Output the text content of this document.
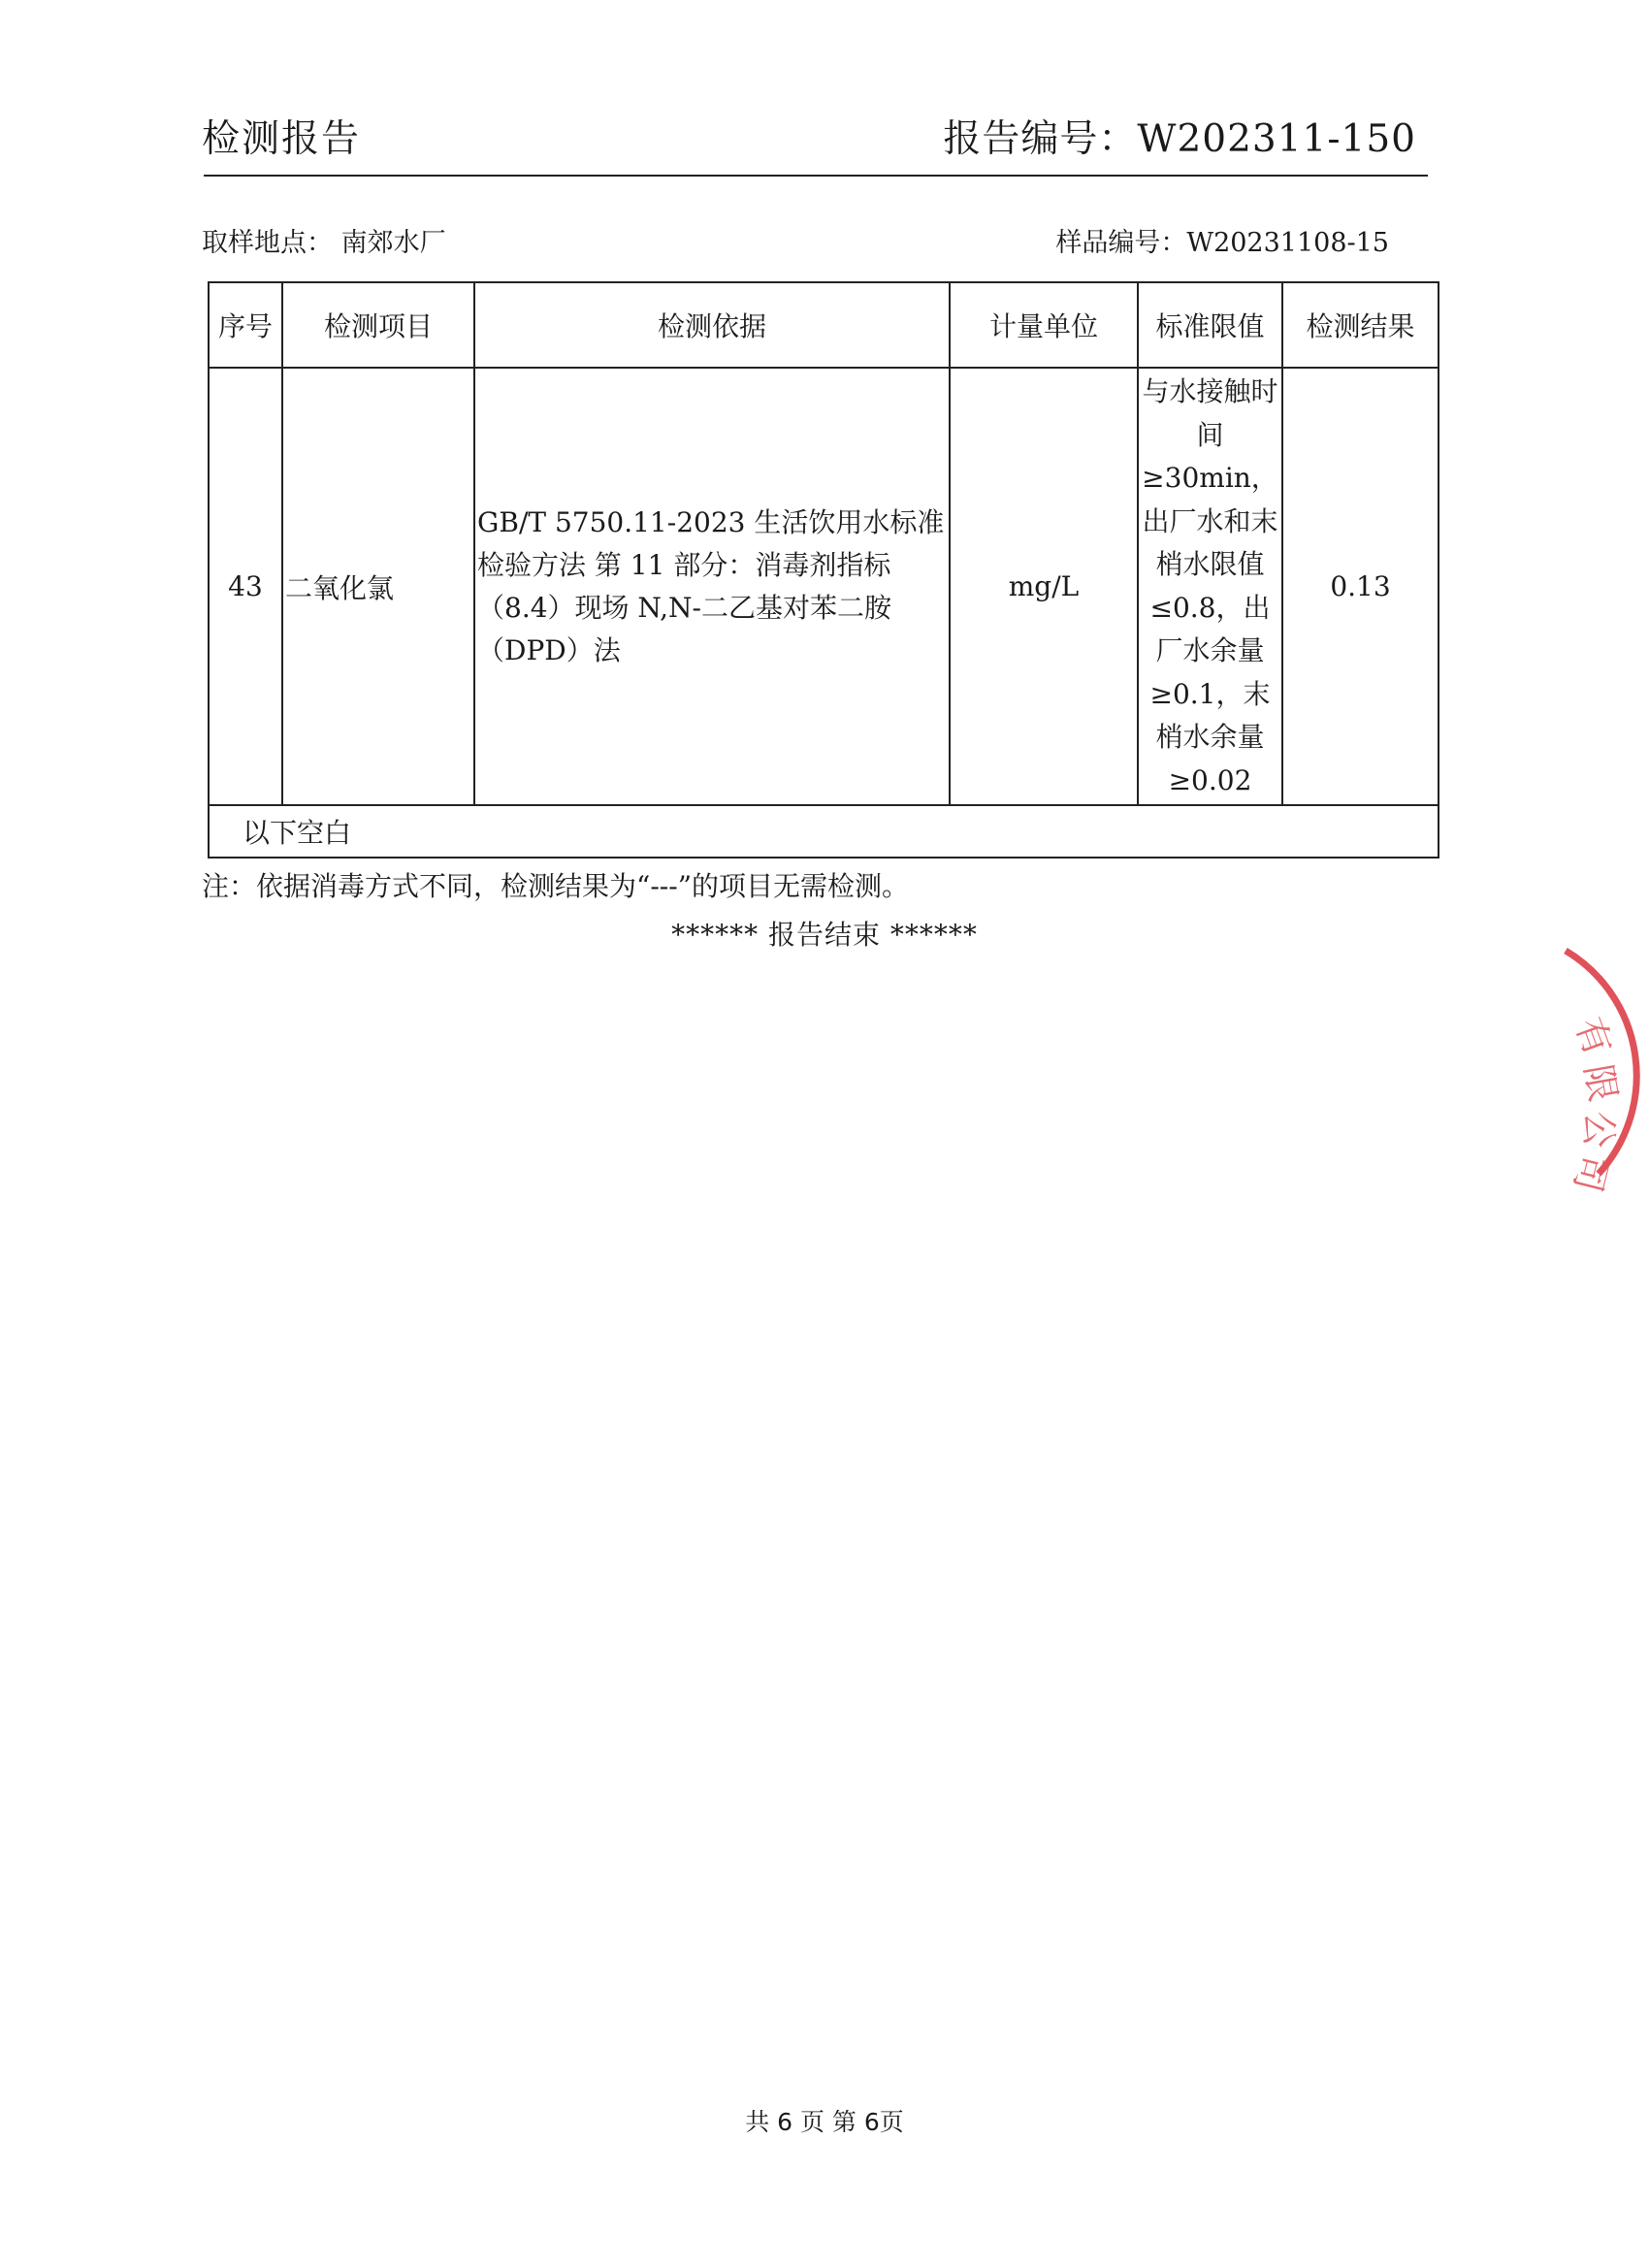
检测报告	报告编号：W202311-150
取样地点： 南郊水厂	样品编号：W20231108-15
序号	检测项目	检测依据	计量单位	标准限值	检测结果
43	二氧化氯	GB/T 5750.11-2023 生活饮用水标准检验方法 第 11 部分：消毒剂指标（8.4）现场 N,N-二乙基对苯二胺（DPD）法	mg/L	与水接触时间≥30min，出厂水和末梢水限值≤0.8，出厂水余量≥0.1，末梢水余量≥0.02	0.13
以下空白					
注：依据消毒方式不同，检测结果为“---”的项目无需检测。
****** 报告结束 ******
共 6 页 第 6页
有
限
公
司
